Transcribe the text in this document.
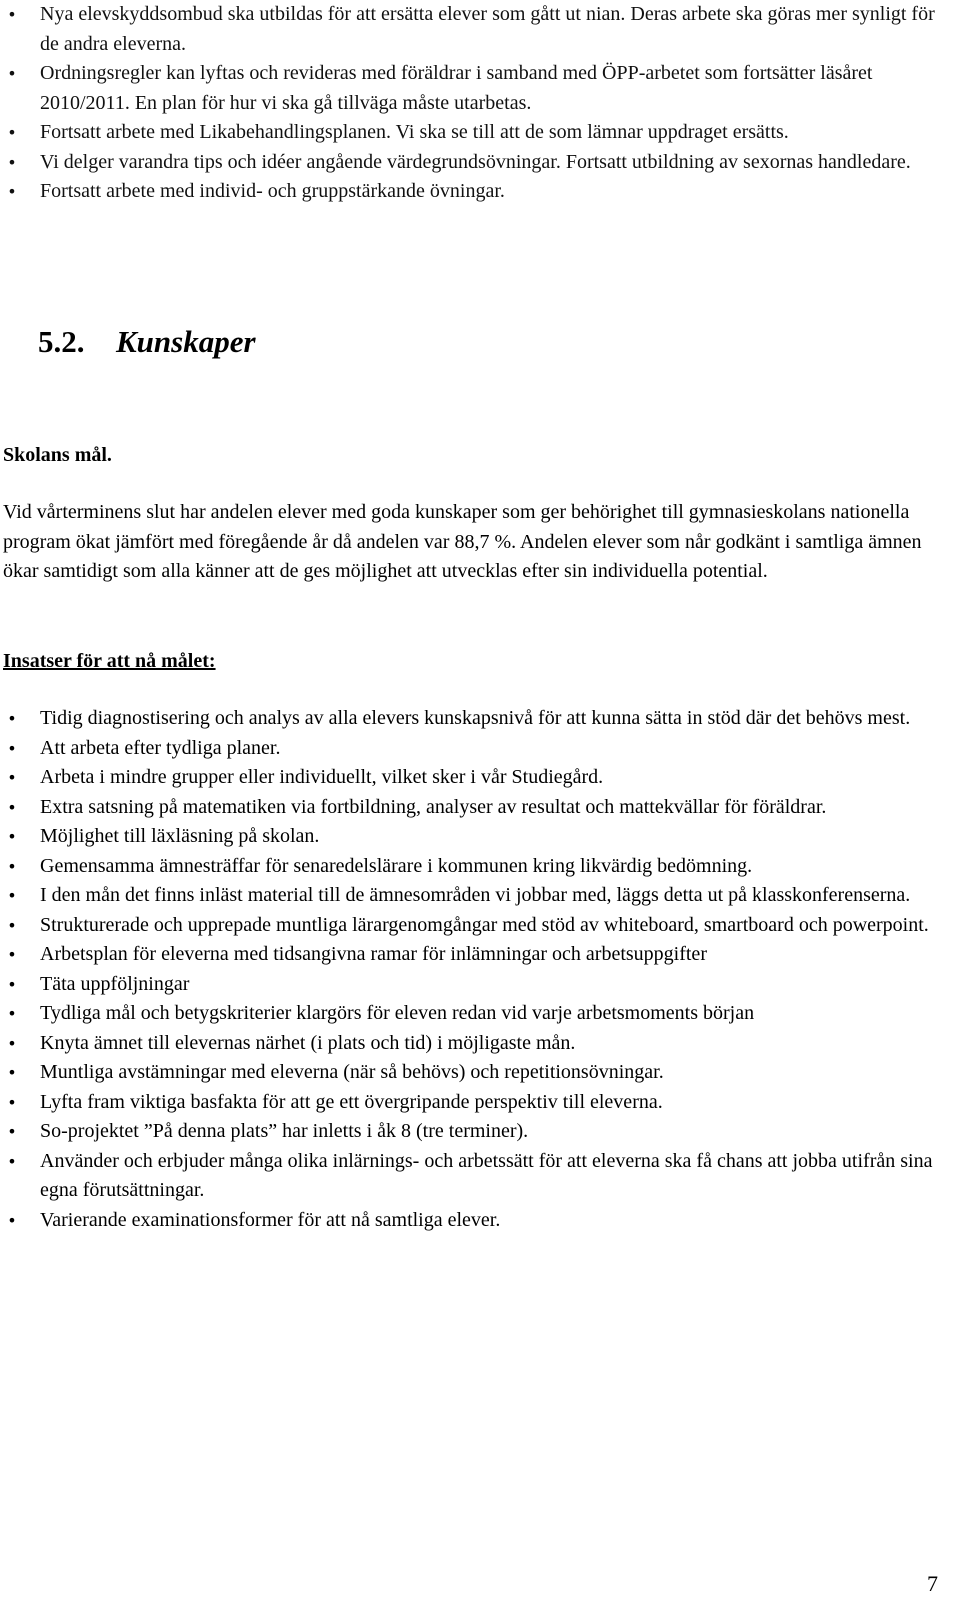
• Nya elevskyddsombud ska utbildas för att ersätta elever som gått ut nian. Deras arbete ska göras mer synligt för de andra eleverna.
• Ordningsregler kan lyftas och revideras med föräldrar i samband med ÖPP-arbetet som fortsätter läsåret 2010/2011. En plan för hur vi ska gå tillväga måste utarbetas.
• Fortsatt arbete med Likabehandlingsplanen. Vi ska se till att de som lämnar uppdraget ersätts.
• Vi delger varandra tips och idéer angående värdegrundsövningar. Fortsatt utbildning av sexornas handledare.
• Fortsatt arbete med individ- och gruppstärkande övningar.
5.2. Kunskaper

Skolans mål.

Vid vårterminens slut har andelen elever med goda kunskaper som ger behörighet till gymnasieskolans nationella program ökat jämfört med föregående år då andelen var 88,7 %. Andelen elever som når godkänt i samtliga ämnen ökar samtidigt som alla känner att de ges möjlighet att utvecklas efter sin individuella potential.

Insatser för att nå målet:

• Tidig diagnostisering och analys av alla elevers kunskapsnivå för att kunna sätta in stöd där det behövs mest.
• Att arbeta efter tydliga planer.
• Arbeta i mindre grupper eller individuellt, vilket sker i vår Studiegård.
• Extra satsning på matematiken via fortbildning, analyser av resultat och mattekvällar för föräldrar.
• Möjlighet till läxläsning på skolan.
• Gemensamma ämnesträffar för senaredelslärare i kommunen kring likvärdig bedömning.
• I den mån det finns inläst material till de ämnesområden vi jobbar med, läggs detta ut på klasskonferenserna.
• Strukturerade och upprepade muntliga lärargenomgångar med stöd av whiteboard, smartboard och powerpoint.
• Arbetsplan för eleverna med tidsangivna ramar för inlämningar och arbetsuppgifter
• Täta uppföljningar
• Tydliga mål och betygskriterier klargörs för eleven redan vid varje arbetsmoments början
• Knyta ämnet till elevernas närhet (i plats och tid) i möjligaste mån.
• Muntliga avstämningar med eleverna (när så behövs) och repetitionsövningar.
• Lyfta fram viktiga basfakta för att ge ett övergripande perspektiv till eleverna.
• So-projektet ”På denna plats” har inletts i åk 8 (tre terminer).
• Använder och erbjuder många olika inlärnings- och arbetssätt för att eleverna ska få chans att jobba utifrån sina egna förutsättningar.
• Varierande examinationsformer för att nå samtliga elever.
7
